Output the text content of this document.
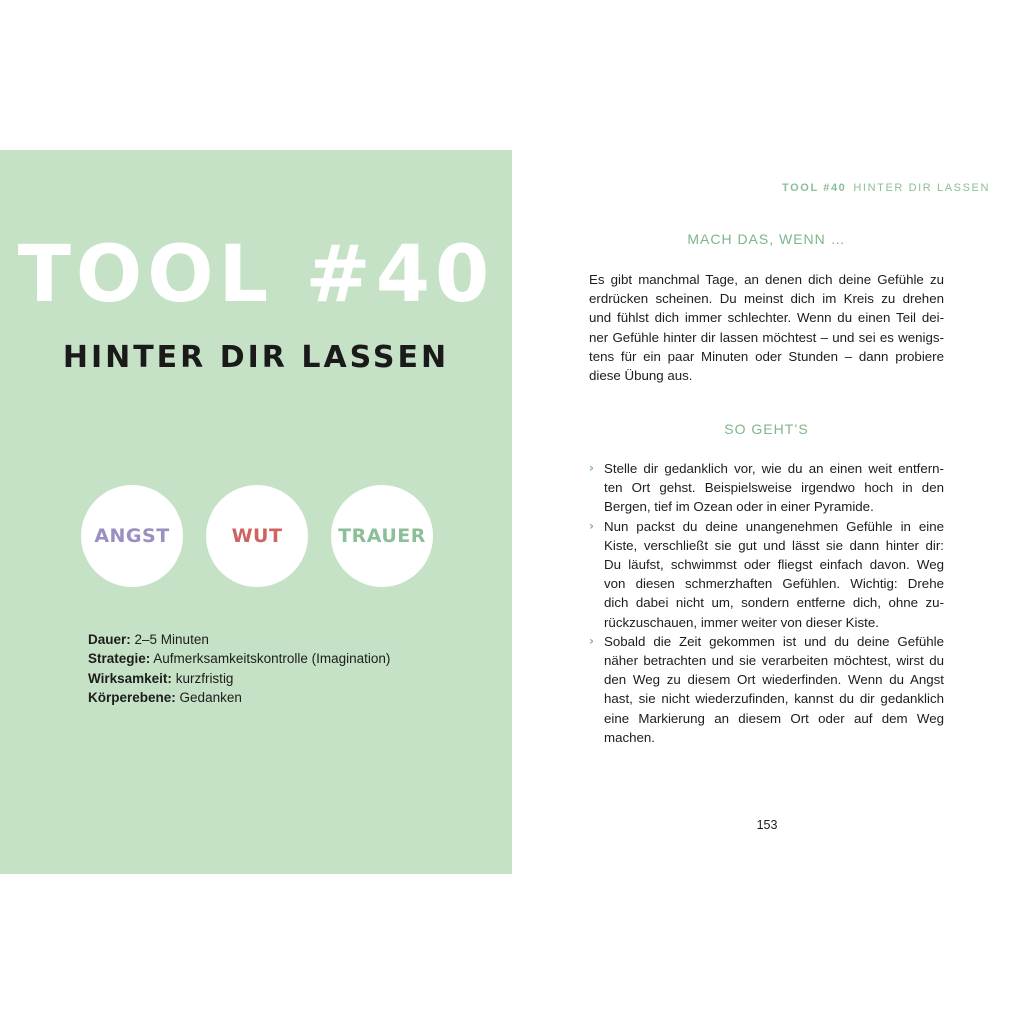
TOOL #40
HINTER DIR LASSEN
ANGST	WUT	TRAUER
Dauer: 2–5 Minuten
Strategie: Aufmerksamkeitskontrolle (Imagination)
Wirksamkeit: kurzfristig
Körperebene: Gedanken
TOOL #40 HINTER DIR LASSEN
MACH DAS, WENN …

Es gibt manchmal Tage, an denen dich deine Gefühle zu
erdrücken scheinen. Du meinst dich im Kreis zu drehen
und fühlst dich immer schlechter. Wenn du einen Teil dei-
ner Gefühle hinter dir lassen möchtest – und sei es wenigs-
tens für ein paar Minuten oder Stunden – dann probiere
diese Übung aus.

SO GEHT’S
› Stelle dir gedanklich vor, wie du an einen weit entfern-
ten Ort gehst. Beispielsweise irgendwo hoch in den
Bergen, tief im Ozean oder in einer Pyramide.
› Nun packst du deine unangenehmen Gefühle in eine
Kiste, verschließt sie gut und lässt sie dann hinter dir:
Du läufst, schwimmst oder fliegst einfach davon. Weg
von diesen schmerzhaften Gefühlen. Wichtig: Drehe
dich dabei nicht um, sondern entferne dich, ohne zu-
rückzuschauen, immer weiter von dieser Kiste.
› Sobald die Zeit gekommen ist und du deine Gefühle
näher betrachten und sie verarbeiten möchtest, wirst du
den Weg zu diesem Ort wiederfinden. Wenn du Angst
hast, sie nicht wiederzufinden, kannst du dir gedanklich
eine Markierung an diesem Ort oder auf dem Weg
machen.
153
